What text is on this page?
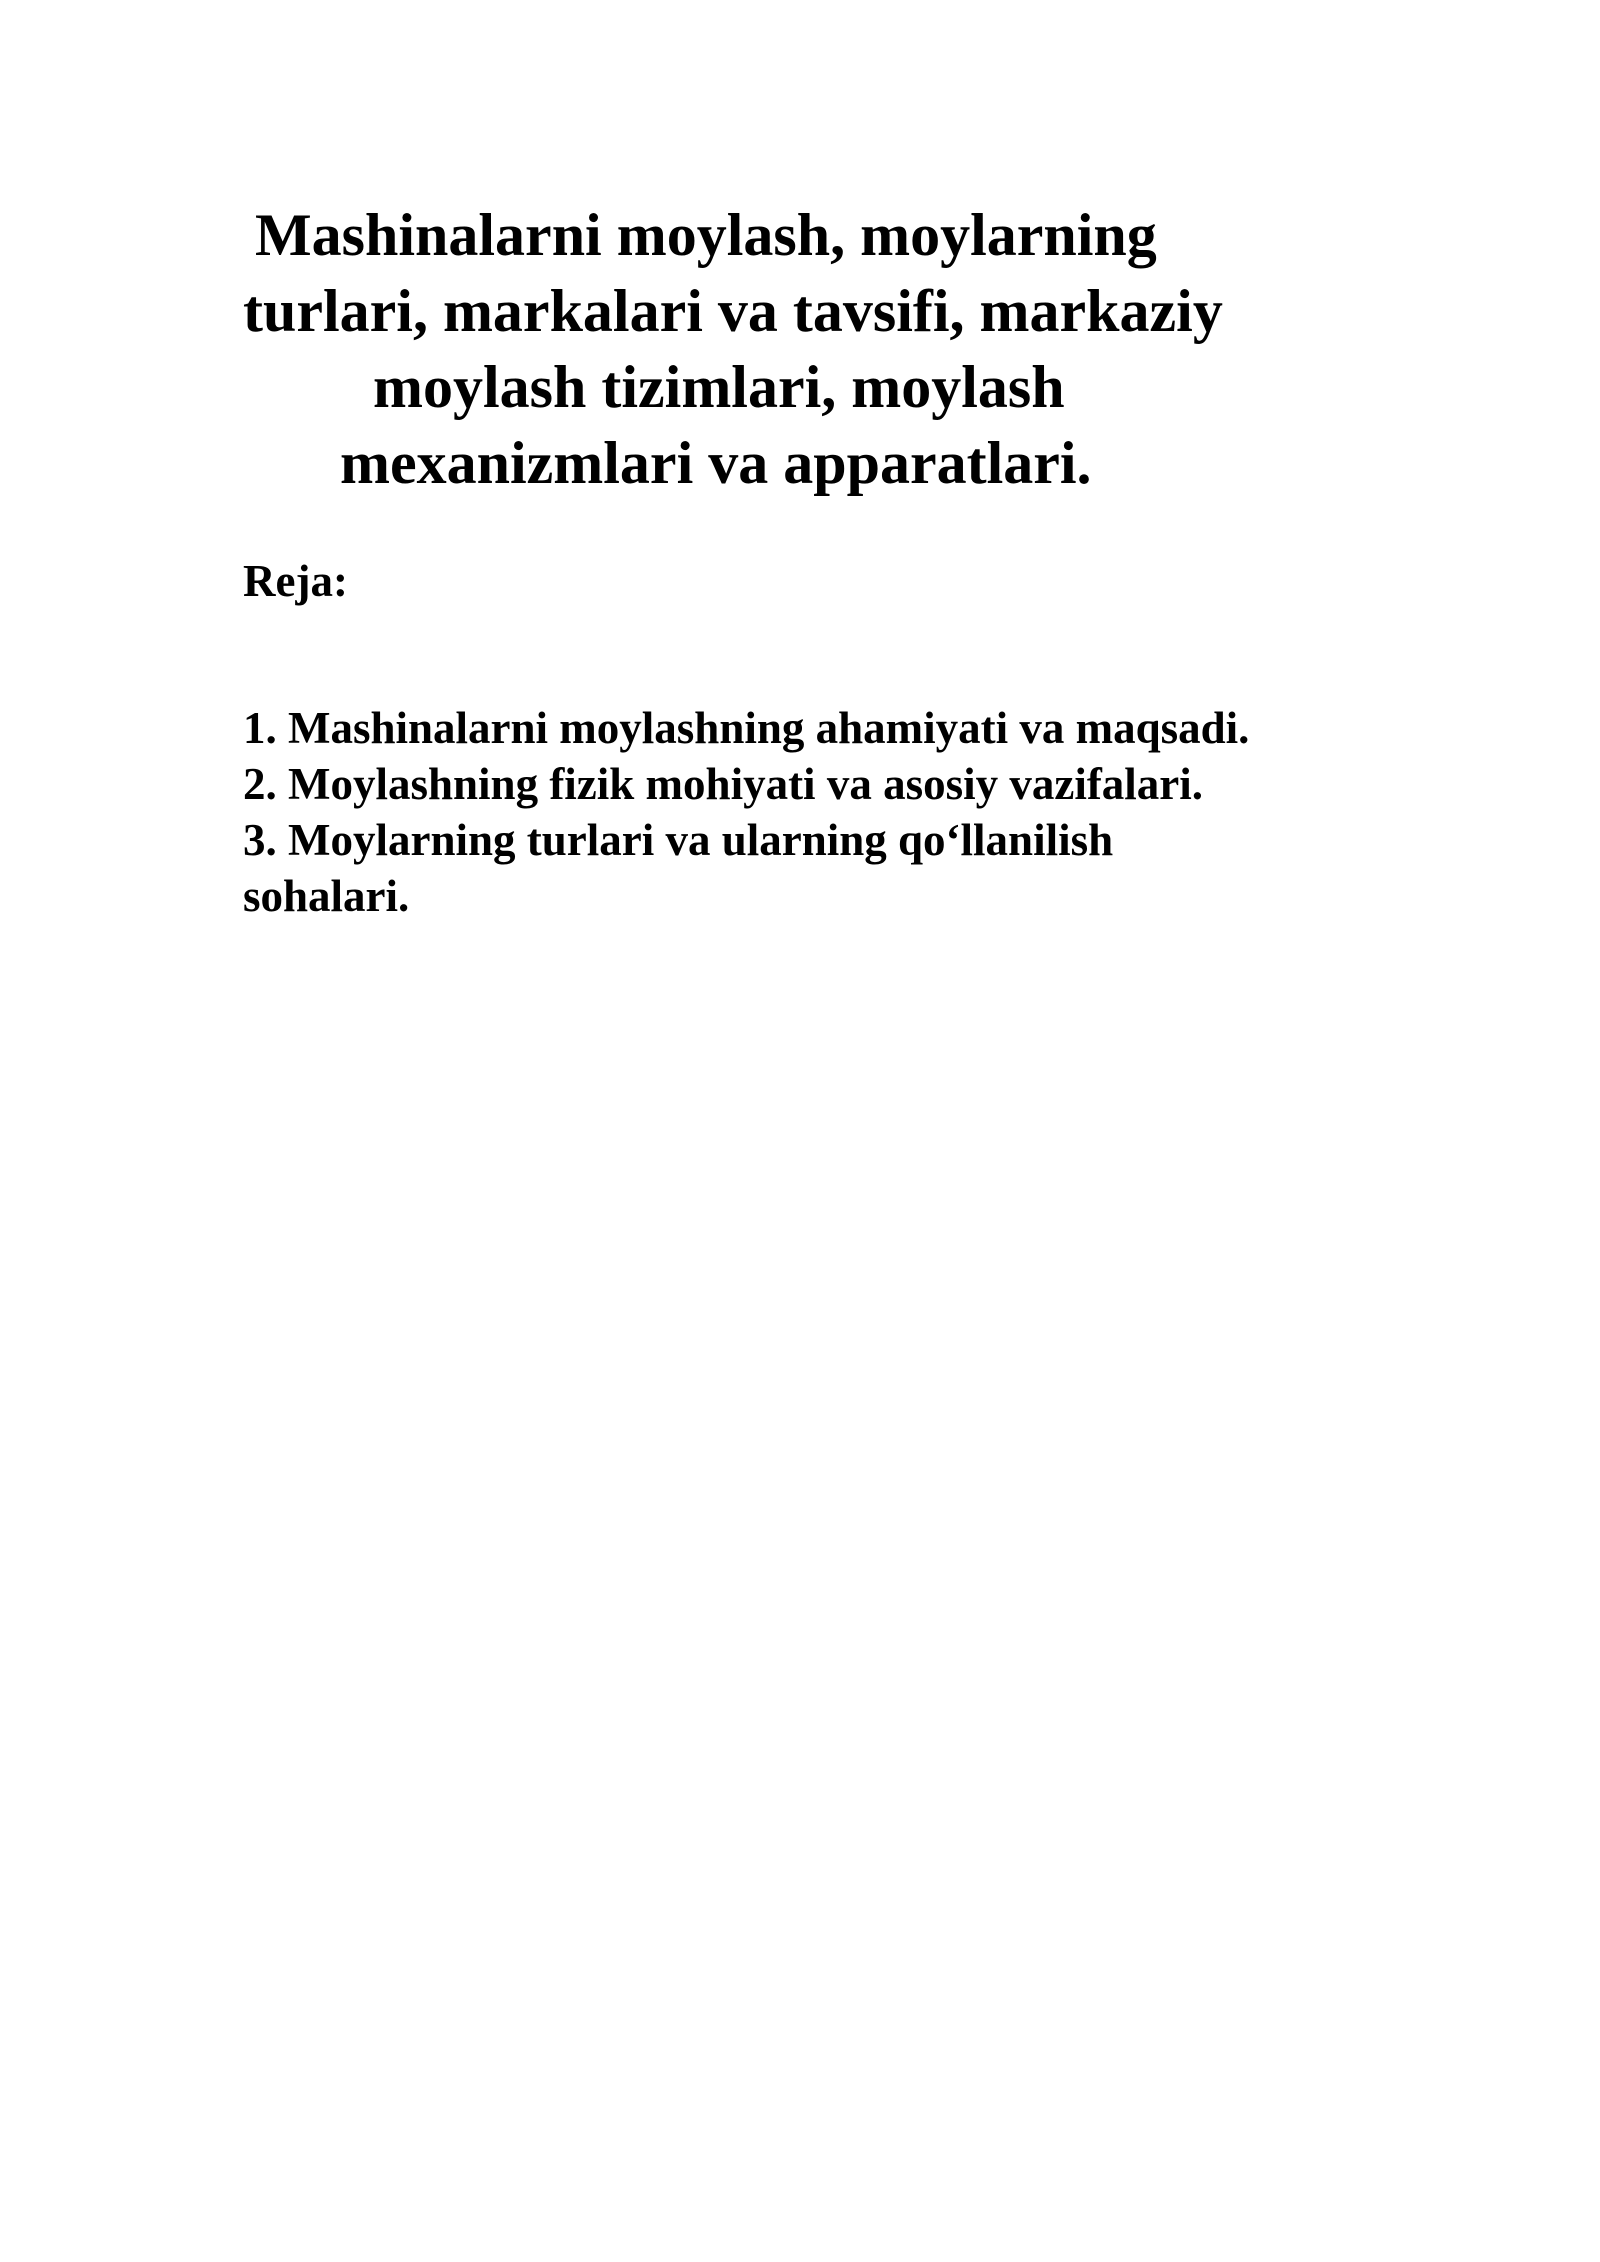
Mashinalarni moylash, moylarning
turlari, markalari va tavsifi, markaziy
moylash tizimlari, moylash
mexanizmlari va apparatlari.

Reja:

1. Mashinalarni moylashning ahamiyati va maqsadi.
2. Moylashning fizik mohiyati va asosiy vazifalari.
3. Moylarning turlari va ularning qo‘llanilish
sohalari.
